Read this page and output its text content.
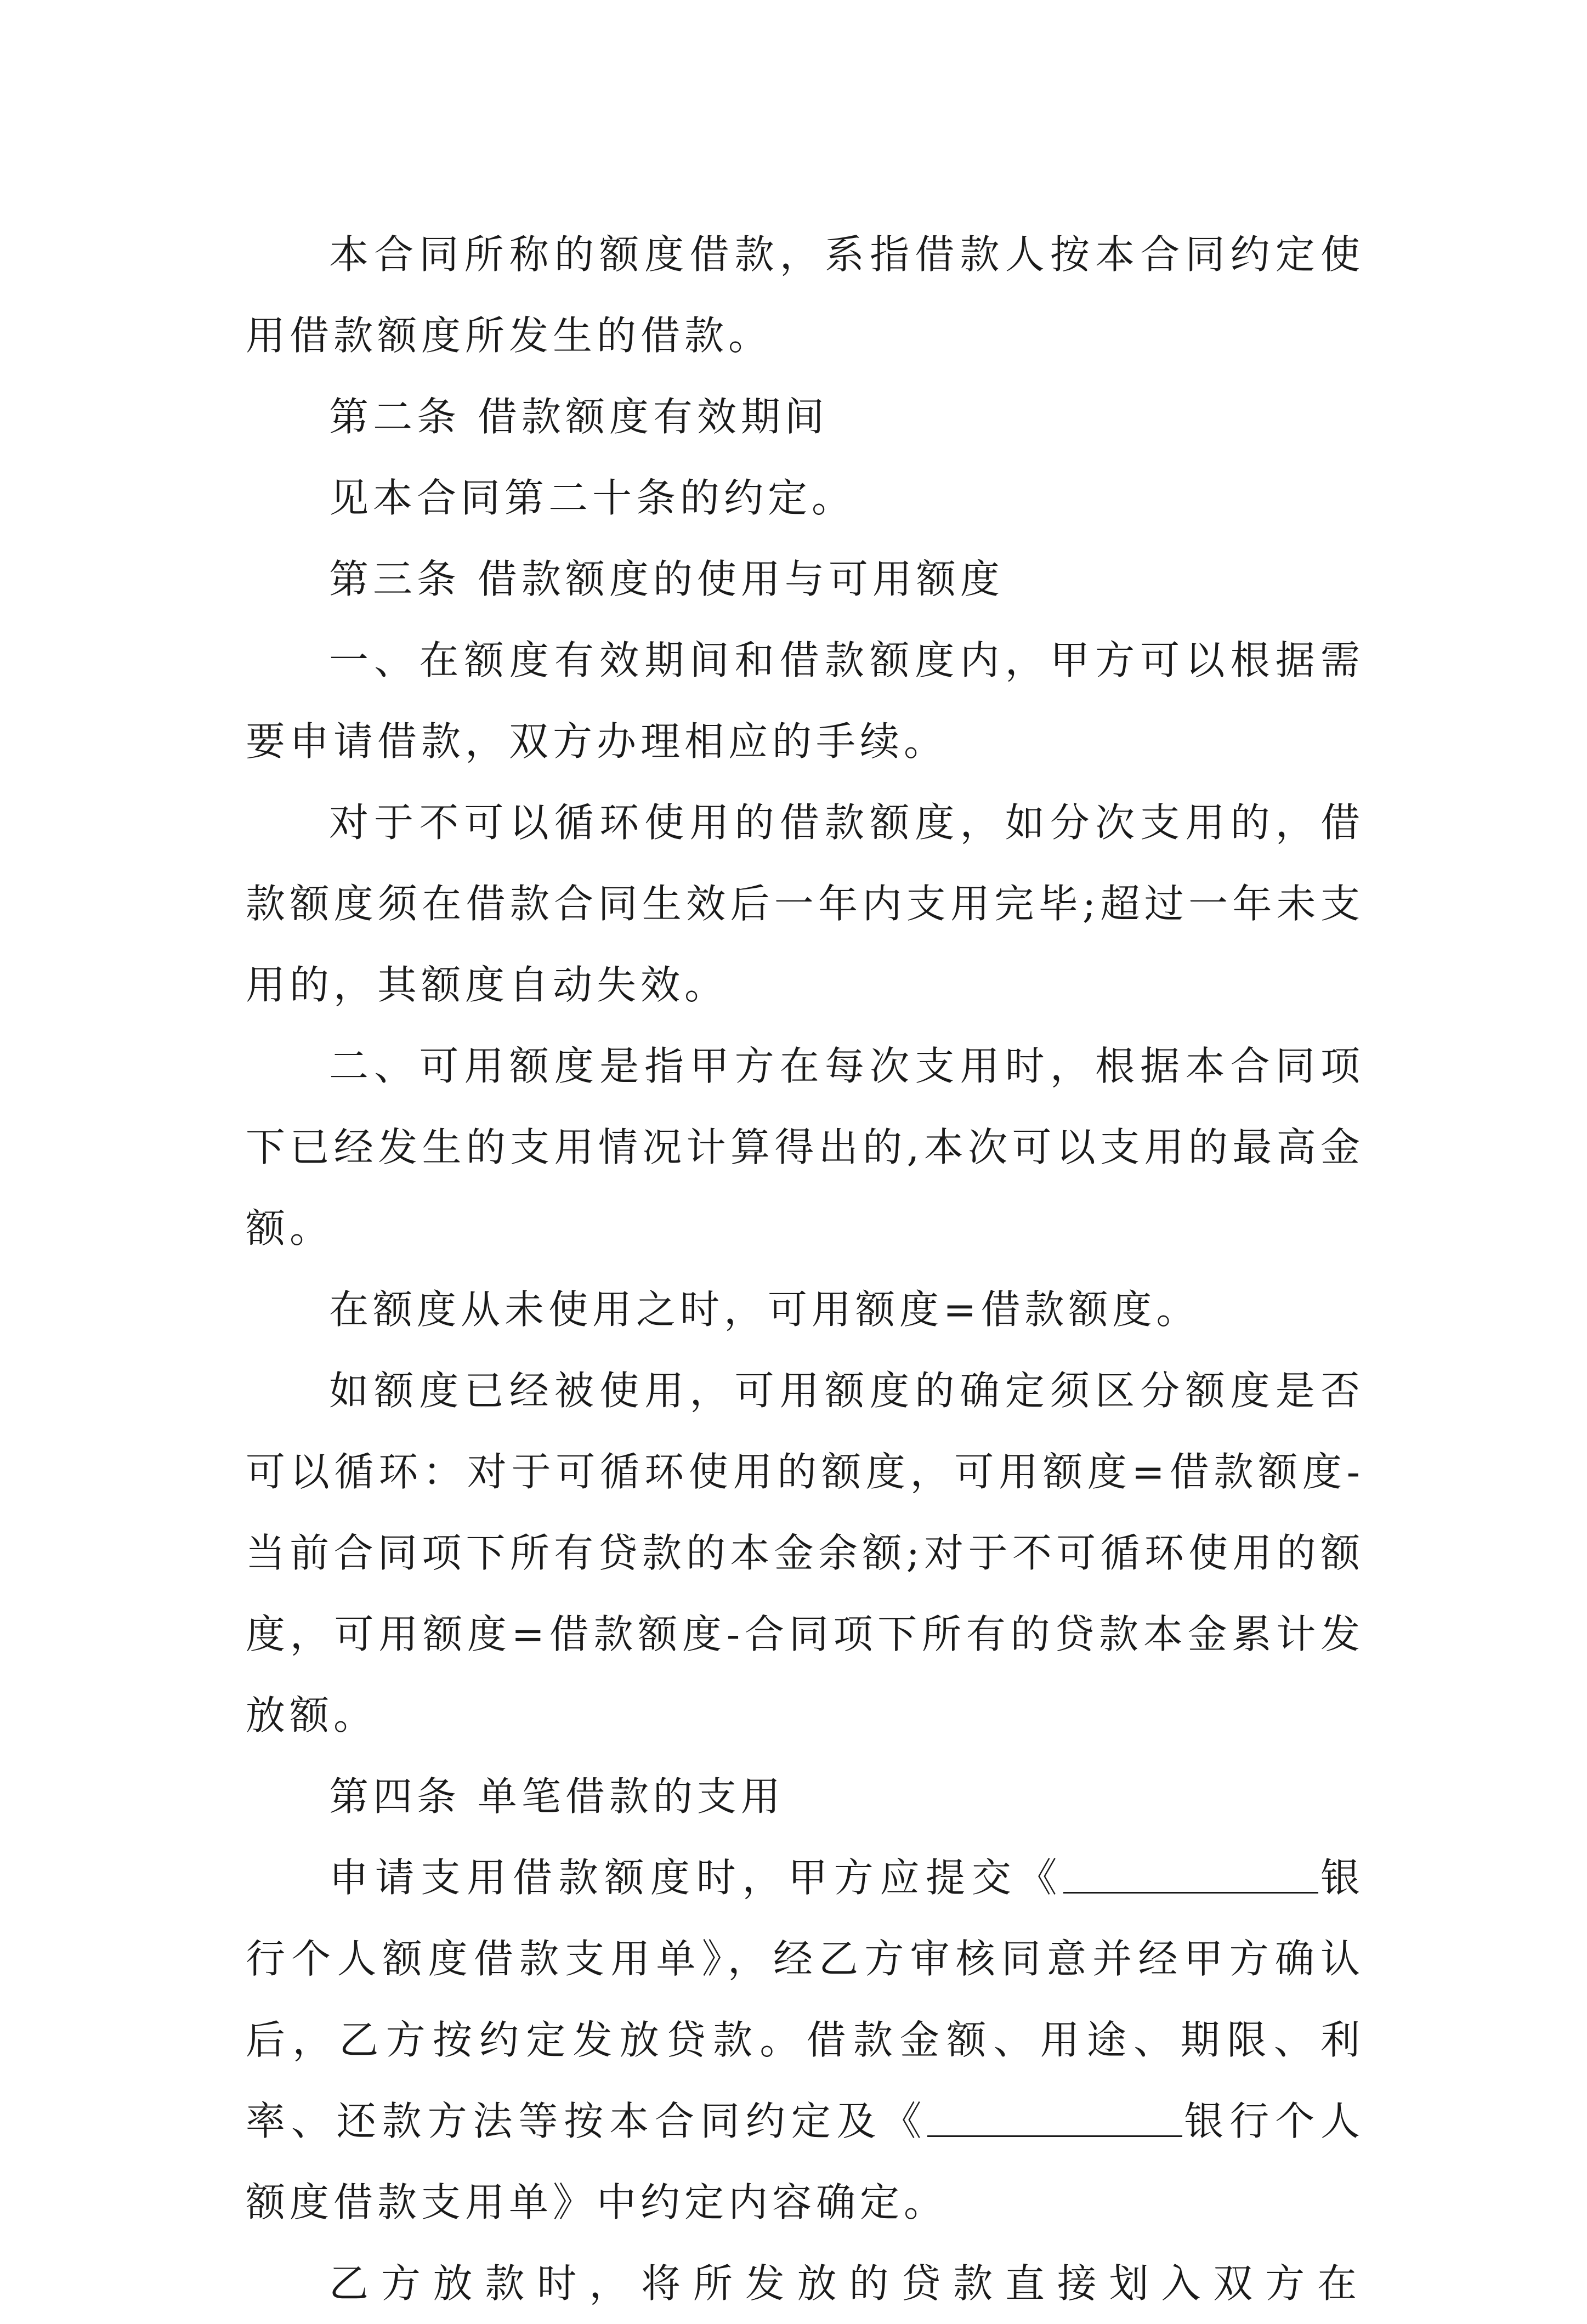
本合同所称的额度借款，系指借款人按本合同约定使用借款额度所发生的借款。

第二条 借款额度有效期间

见本合同第二十条的约定。

第三条 借款额度的使用与可用额度

一、在额度有效期间和借款额度内，甲方可以根据需要申请借款，双方办理相应的手续。

对于不可以循环使用的借款额度，如分次支用的，借款额度须在借款合同生效后一年内支用完毕;超过一年未支用的，其额度自动失效。

二、可用额度是指甲方在每次支用时，根据本合同项下已经发生的支用情况计算得出的,本次可以支用的最高金额。

在额度从未使用之时，可用额度=借款额度。

如额度已经被使用，可用额度的确定须区分额度是否可以循环：对于可循环使用的额度，可用额度=借款额度-当前合同项下所有贷款的本金余额;对于不可循环使用的额度，可用额度=借款额度-合同项下所有的贷款本金累计发放额。

第四条 单笔借款的支用

申请支用借款额度时，甲方应提交《	银行个人额度借款支用单》，经乙方审核同意并经甲方确认后，乙方按约定发放贷款。借款金额、用途、期限、利率、还款方法等按本合同约定及《	银行个人额度借款支用单》中约定内容确定。

乙方放款时，将所发放的贷款直接划入双方在
